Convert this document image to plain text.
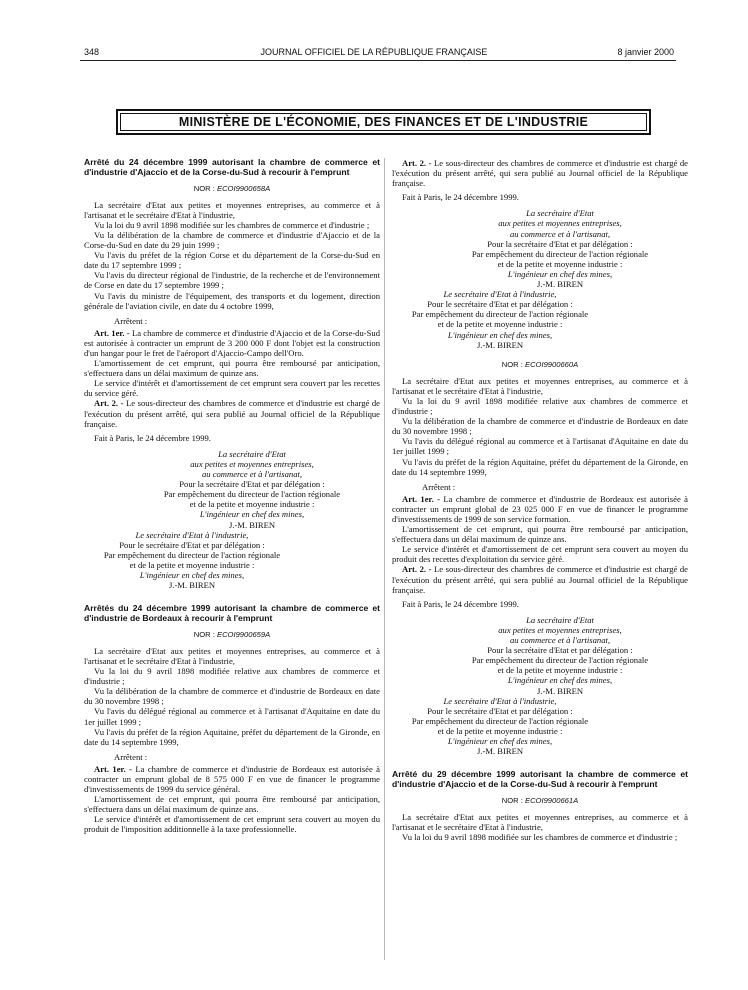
348	JOURNAL OFFICIEL DE LA RÉPUBLIQUE FRANÇAISE	8 janvier 2000
MINISTÈRE DE L'ÉCONOMIE, DES FINANCES ET DE L'INDUSTRIE
Arrêté du 24 décembre 1999 autorisant la chambre de commerce et d'industrie d'Ajaccio et de la Corse-du-Sud à recourir à l'emprunt
NOR : ECOI9900658A

La secrétaire d'Etat aux petites et moyennes entreprises, au commerce et à l'artisanat et le secrétaire d'Etat à l'industrie,

Vu la loi du 9 avril 1898 modifiée sur les chambres de commerce et d'industrie ;

Vu la délibération de la chambre de commerce et d'industrie d'Ajaccio et de la Corse-du-Sud en date du 29 juin 1999 ;

Vu l'avis du préfet de la région Corse et du département de la Corse-du-Sud en date du 17 septembre 1999 ;

Vu l'avis du directeur régional de l'industrie, de la recherche et de l'environnement de Corse en date du 17 septembre 1999 ;

Vu l'avis du ministre de l'équipement, des transports et du logement, direction générale de l'aviation civile, en date du 4 octobre 1999,

Arrêtent :

Art. 1er. - La chambre de commerce et d'industrie d'Ajaccio et de la Corse-du-Sud est autorisée à contracter un emprunt de 3 200 000 F dont l'objet est la construction d'un hangar pour le fret de l'aéroport d'Ajaccio-Campo dell'Oro.

L'amortissement de cet emprunt, qui pourra être remboursé par anticipation, s'effectuera dans un délai maximum de quinze ans.

Le service d'intérêt et d'amortissement de cet emprunt sera couvert par les recettes du service géré.

Art. 2. - Le sous-directeur des chambres de commerce et d'industrie est chargé de l'exécution du présent arrêté, qui sera publié au Journal officiel de la République française.

Fait à Paris, le 24 décembre 1999.

La secrétaire d'Etat
aux petites et moyennes entreprises,
au commerce et à l'artisanat,
Pour la secrétaire d'Etat et par délégation :
Par empêchement du directeur de l'action régionale
et de la petite et moyenne industrie :
L'ingénieur en chef des mines,
J.-M. BIREN
Le secrétaire d'Etat à l'industrie,
Pour le secrétaire d'Etat et par délégation :
Par empêchement du directeur de l'action régionale
et de la petite et moyenne industrie :
L'ingénieur en chef des mines,
J.-M. BIREN
Arrêtés du 24 décembre 1999 autorisant la chambre de commerce et d'industrie de Bordeaux à recourir à l'emprunt
NOR : ECOI9900659A

La secrétaire d'Etat aux petites et moyennes entreprises, au commerce et à l'artisanat et le secrétaire d'Etat à l'industrie,

Vu la loi du 9 avril 1898 modifiée relative aux chambres de commerce et d'industrie ;

Vu la délibération de la chambre de commerce et d'industrie de Bordeaux en date du 30 novembre 1998 ;

Vu l'avis du délégué régional au commerce et à l'artisanat d'Aquitaine en date du 1er juillet 1999 ;

Vu l'avis du préfet de la région Aquitaine, préfet du département de la Gironde, en date du 14 septembre 1999,

Arrêtent :

Art. 1er. - La chambre de commerce et d'industrie de Bordeaux est autorisée à contracter un emprunt global de 8 575 000 F en vue de financer le programme d'investissements de 1999 du service général.

L'amortissement de cet emprunt, qui pourra être remboursé par anticipation, s'effectuera dans un délai maximum de quinze ans.

Le service d'intérêt et d'amortissement de cet emprunt sera couvert au moyen du produit de l'imposition additionnelle à la taxe professionnelle.

Art. 2. - Le sous-directeur des chambres de commerce et d'industrie est chargé de l'exécution du présent arrêté, qui sera publié au Journal officiel de la République française.

Fait à Paris, le 24 décembre 1999.

La secrétaire d'Etat
aux petites et moyennes entreprises,
au commerce et à l'artisanat,
Pour la secrétaire d'Etat et par délégation :
Par empêchement du directeur de l'action régionale
et de la petite et moyenne industrie :
L'ingénieur en chef des mines,
J.-M. BIREN
Le secrétaire d'Etat à l'industrie,
Pour le secrétaire d'Etat et par délégation :
Par empêchement du directeur de l'action régionale
et de la petite et moyenne industrie :
L'ingénieur en chef des mines,
J.-M. BIREN
NOR : ECOI9900660A

La secrétaire d'Etat aux petites et moyennes entreprises, au commerce et à l'artisanat et le secrétaire d'Etat à l'industrie,

Vu la loi du 9 avril 1898 modifiée relative aux chambres de commerce et d'industrie ;

Vu la délibération de la chambre de commerce et d'industrie de Bordeaux en date du 30 novembre 1998 ;

Vu l'avis du délégué régional au commerce et à l'artisanat d'Aquitaine en date du 1er juillet 1999 ;

Vu l'avis du préfet de la région Aquitaine, préfet du département de la Gironde, en date du 14 septembre 1999,

Arrêtent :

Art. 1er. - La chambre de commerce et d'industrie de Bordeaux est autorisée à contracter un emprunt global de 23 025 000 F en vue de financer le programme d'investissements de 1999 de son service formation.

L'amortissement de cet emprunt, qui pourra être remboursé par anticipation, s'effectuera dans un délai maximum de quinze ans.

Le service d'intérêt et d'amortissement de cet emprunt sera couvert au moyen du produit des recettes d'exploitation du service géré.

Art. 2. - Le sous-directeur des chambres de commerce et d'industrie est chargé de l'exécution du présent arrêté, qui sera publié au Journal officiel de la République française.

Fait à Paris, le 24 décembre 1999.

La secrétaire d'Etat
aux petites et moyennes entreprises,
au commerce et à l'artisanat,
Pour la secrétaire d'Etat et par délégation :
Par empêchement du directeur de l'action régionale
et de la petite et moyenne industrie :
L'ingénieur en chef des mines,
J.-M. BIREN
Le secrétaire d'Etat à l'industrie,
Pour le secrétaire d'Etat et par délégation :
Par empêchement du directeur de l'action régionale
et de la petite et moyenne industrie :
L'ingénieur en chef des mines,
J.-M. BIREN
Arrêté du 29 décembre 1999 autorisant la chambre de commerce et d'industrie d'Ajaccio et de la Corse-du-Sud à recourir à l'emprunt
NOR : ECOI9900661A

La secrétaire d'Etat aux petites et moyennes entreprises, au commerce et à l'artisanat et le secrétaire d'Etat à l'industrie,

Vu la loi du 9 avril 1898 modifiée sur les chambres de commerce et d'industrie ;
